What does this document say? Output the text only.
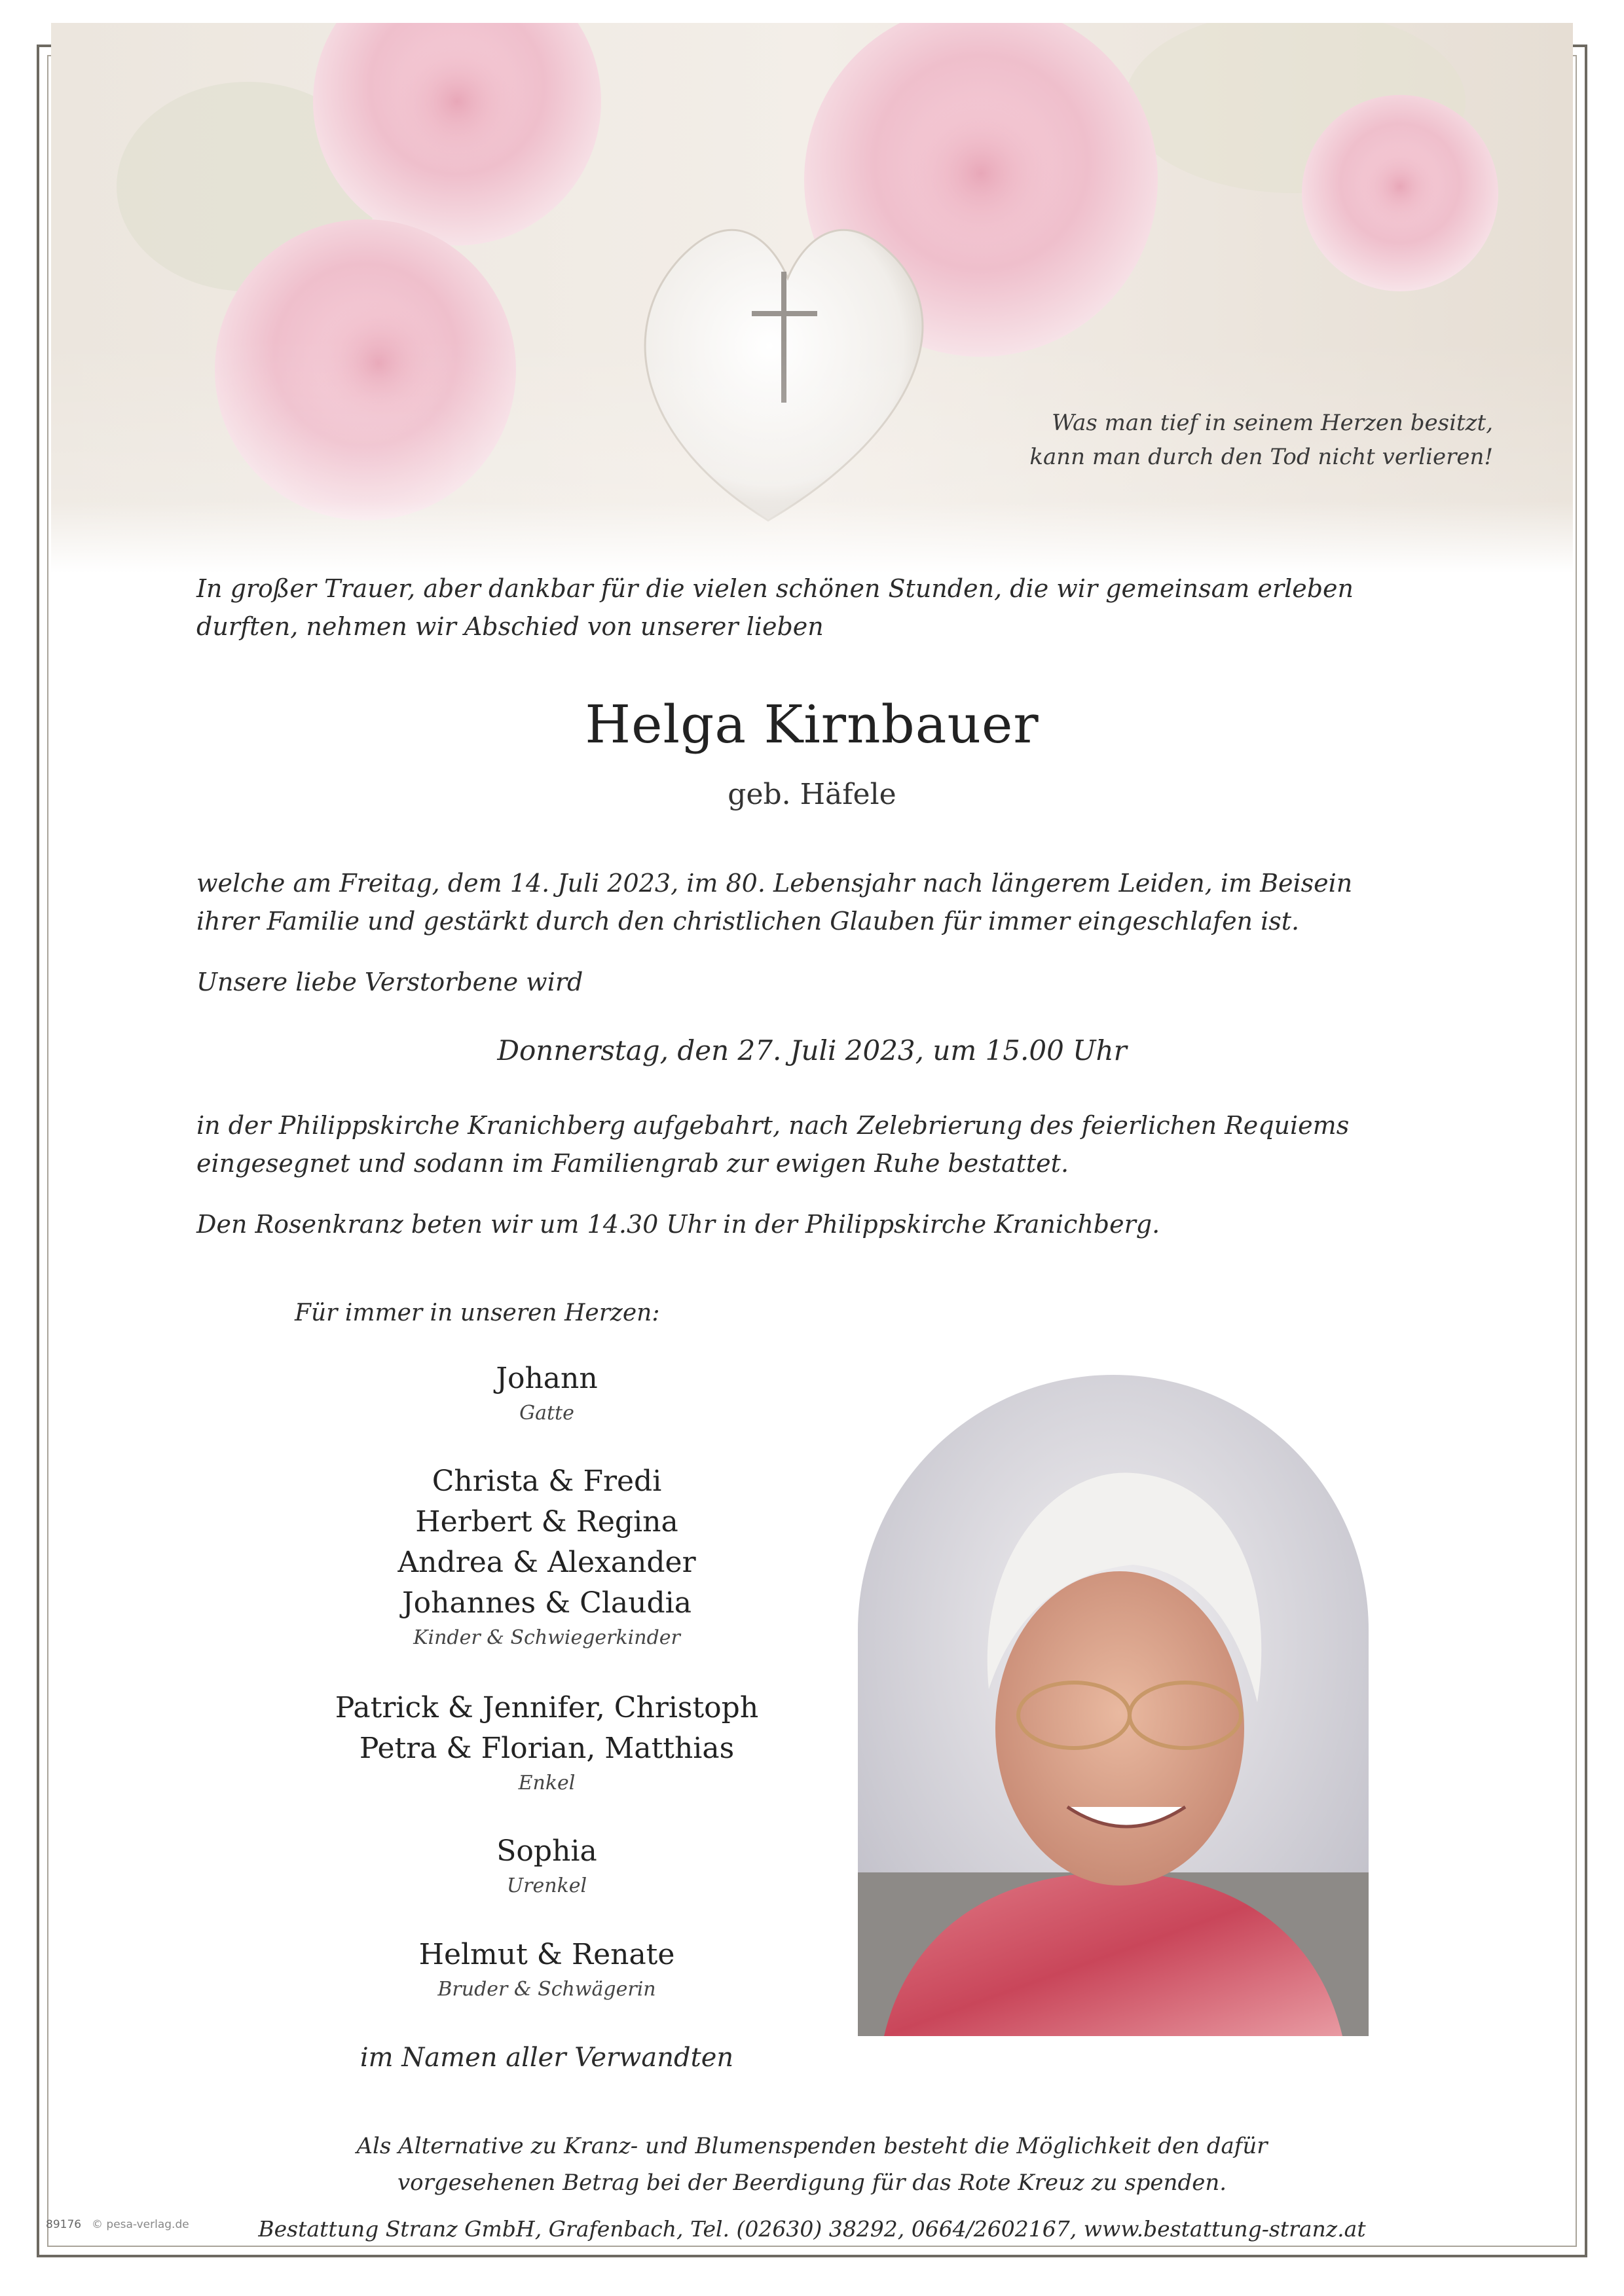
Was man tief in seinem Herzen besitzt,
kann man durch den Tod nicht verlieren!
In großer Trauer, aber dankbar für die vielen schönen Stunden, die wir gemeinsam erleben
durften, nehmen wir Abschied von unserer lieben
Helga Kirnbauer
geb. Häfele
welche am Freitag, dem 14. Juli 2023, im 80. Lebensjahr nach längerem Leiden, im Beisein
ihrer Familie und gestärkt durch den christlichen Glauben für immer eingeschlafen ist.
Unsere liebe Verstorbene wird
Donnerstag, den 27. Juli 2023, um 15.00 Uhr
in der Philippskirche Kranichberg aufgebahrt, nach Zelebrierung des feierlichen Requiems
eingesegnet und sodann im Familiengrab zur ewigen Ruhe bestattet.
Den Rosenkranz beten wir um 14.30 Uhr in der Philippskirche Kranichberg.
Für immer in unseren Herzen:
Johann
Gatte
Christa & Fredi
Herbert & Regina
Andrea & Alexander
Johannes & Claudia
Kinder & Schwiegerkinder
Patrick & Jennifer, Christoph
Petra & Florian, Matthias
Enkel
Sophia
Urenkel
Helmut & Renate
Bruder & Schwägerin
im Namen aller Verwandten
Als Alternative zu Kranz- und Blumenspenden besteht die Möglichkeit den dafür
vorgesehenen Betrag bei der Beerdigung für das Rote Kreuz zu spenden.
Bestattung Stranz GmbH, Grafenbach, Tel. (02630) 38292, 0664/2602167, www.bestattung-stranz.at
89176 © pesa-verlag.de
